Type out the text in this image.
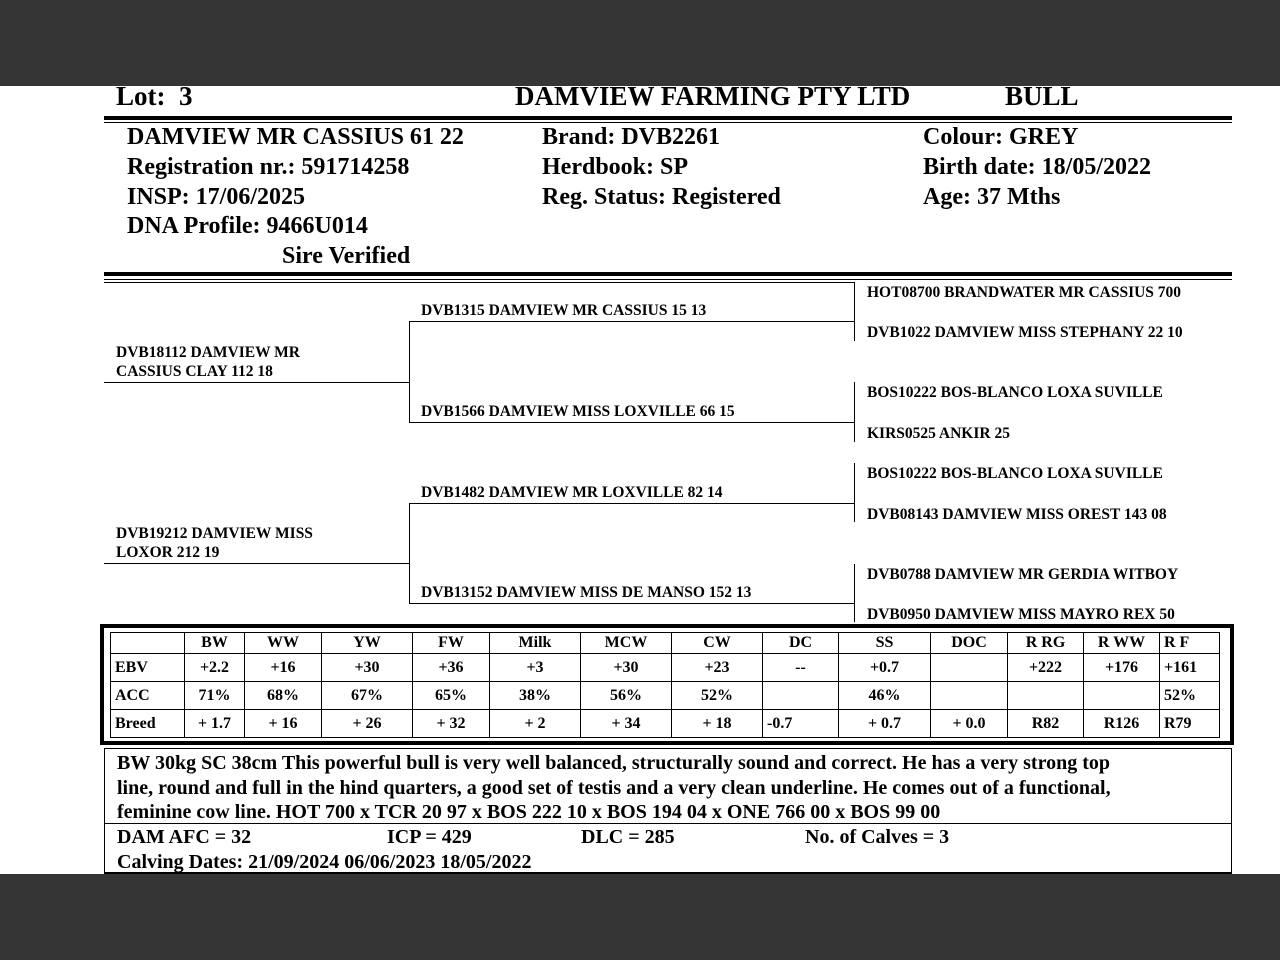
Lot: 3	DAMVIEW FARMING PTY LTD	BULL
DAMVIEW MR CASSIUS 61 22
Registration nr.: 591714258
INSP: 17/06/2025
DNA Profile: 9466U014
Sire Verified
Brand: DVB2261
Herdbook: SP
Reg. Status: Registered
Colour: GREY
Birth date: 18/05/2022
Age: 37 Mths
DVB18112 DAMVIEW MR
CASSIUS CLAY 112 18
DVB19212 DAMVIEW MISS
LOXOR 212 19
DVB1315 DAMVIEW MR CASSIUS 15 13
DVB1566 DAMVIEW MISS LOXVILLE 66 15
DVB1482 DAMVIEW MR LOXVILLE 82 14
DVB13152 DAMVIEW MISS DE MANSO 152 13
HOT08700 BRANDWATER MR CASSIUS 700
DVB1022 DAMVIEW MISS STEPHANY 22 10
BOS10222 BOS-BLANCO LOXA SUVILLE
KIRS0525 ANKIR 25
BOS10222 BOS-BLANCO LOXA SUVILLE
DVB08143 DAMVIEW MISS OREST 143 08
DVB0788 DAMVIEW MR GERDIA WITBOY
DVB0950 DAMVIEW MISS MAYRO REX 50
	BW	WW	YW	FW	Milk	MCW	CW	DC	SS	DOC	R RG	R WW	R F
EBV	+2.2	+16	+30	+36	+3	+30	+23	--	+0.7		+222	+176	+161
ACC	71%	68%	67%	65%	38%	56%	52%		46%				52%
Breed	+ 1.7	+ 16	+ 26	+ 32	+ 2	+ 34	+ 18	-0.7	+ 0.7	+ 0.0	R82	R126	R79
BW 30kg SC 38cm This powerful bull is very well balanced, structurally sound and correct. He has a very strong top
line, round and full in the hind quarters, a good set of testis and a very clean underline. He comes out of a functional,
feminine cow line. HOT 700 x TCR 20 97 x BOS 222 10 x BOS 194 04 x ONE 766 00 x BOS 99 00
DAM AFC = 32	ICP = 429	DLC = 285	No. of Calves = 3
Calving Dates: 21/09/2024 06/06/2023 18/05/2022
